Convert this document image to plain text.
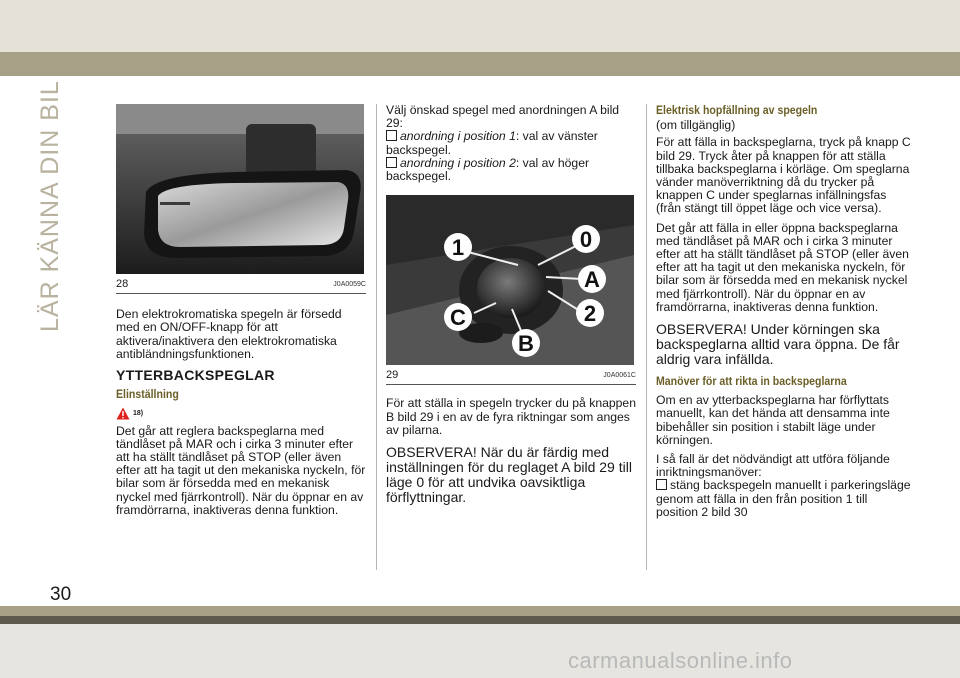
LÄR KÄNNA DIN BIL
30
28	J0A0059C

Den elektrokromatiska spegeln är försedd med en ON/OFF-knapp för att aktivera/inaktivera den elektrokromatiska antibländningsfunktionen.

YTTERBACKSPEGLAR
Elinställning
18)

Det går att reglera backspeglarna med tändlåset på MAR och i cirka 3 minuter efter att ha ställt tändlåset på STOP (eller även efter att ha tagit ut den mekaniska nyckeln, för bilar som är försedda med en mekanisk nyckel med fjärrkontroll). När du öppnar en av framdörrarna, inaktiveras denna funktion.

Välj önskad spegel med anordningen A bild 29:

anordning i position 1: val av vänster backspegel.

anordning i position 2: val av höger backspegel.

1	0
A
2
C
B
29	J0A0061C

För att ställa in spegeln trycker du på knappen B bild 29 i en av de fyra riktningar som anges av pilarna.

OBSERVERA! När du är färdig med inställningen för du reglaget A bild 29 till läge 0 för att undvika oavsiktliga förflyttningar.
Elektrisk hopfällning av spegeln

(om tillgänglig)

För att fälla in backspeglarna, tryck på knapp C bild 29. Tryck åter på knappen för att ställa tillbaka backspeglarna i körläge. Om speglarna vänder manöverriktning då du trycker på knappen C under speglarnas infällningsfas (från stängt till öppet läge och vice versa).

Det går att fälla in eller öppna backspeglarna med tändlåset på MAR och i cirka 3 minuter efter att ha ställt tändlåset på STOP (eller även efter att ha tagit ut den mekaniska nyckeln, för bilar som är försedda med en mekanisk nyckel med fjärrkontroll). När du öppnar en av framdörrarna, inaktiveras denna funktion.

OBSERVERA! Under körningen ska backspeglarna alltid vara öppna. De får aldrig vara infällda.
Manöver för att rikta in backspeglarna

Om en av ytterbackspeglarna har förflyttats manuellt, kan det hända att densamma inte bibehåller sin position i stabilt läge under körningen.

I så fall är det nödvändigt att utföra följande inriktningsmanöver:

stäng backspegeln manuellt i parkeringsläge genom att fälla in den från position 1 till position 2 bild 30

carmanualsonline.info
